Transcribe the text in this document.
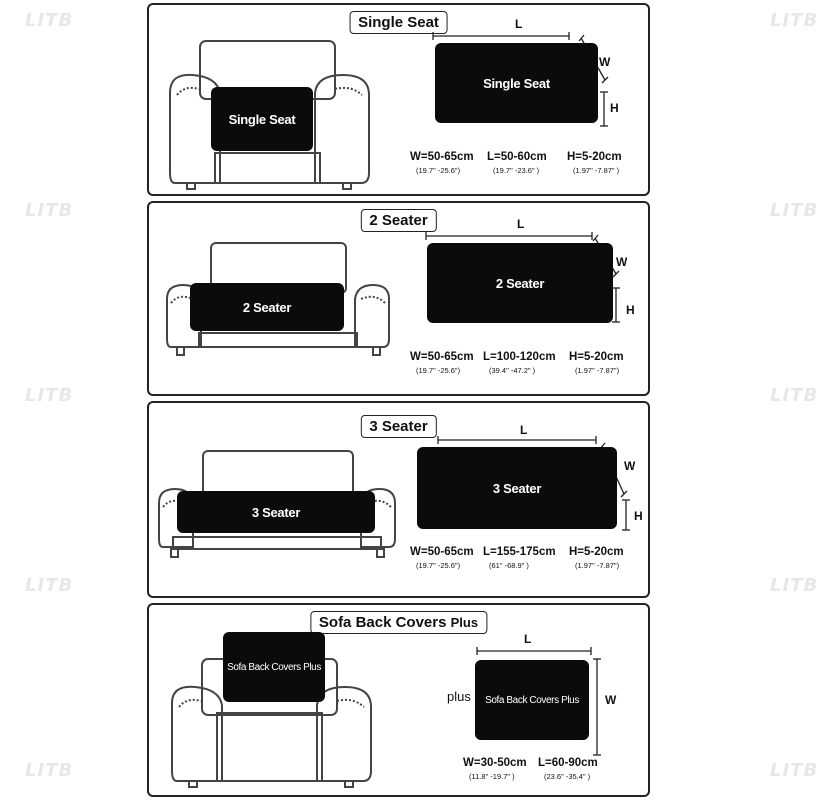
LITB	LITB
LITB	LITB
LITB	LITB
LITB	LITB
LITB	LITB
Single Seat
Single Seat
L
W
H
Single Seat
W=50-65cm
(19.7" -25.6")
L=50-60cm
(19.7" -23.6" )
H=5-20cm
(1.97" -7.87" )
2 Seater
2 Seater
L
W
H
2 Seater
W=50-65cm
(19.7" -25.6")
L=100-120cm
(39.4" -47.2" )
H=5-20cm
(1.97" -7.87")
3 Seater
3 Seater
L
W
H
3 Seater
W=50-65cm
(19.7" -25.6")
L=155-175cm
(61" -68.9" )
H=5-20cm
(1.97" -7.87")
Sofa Back Covers Plus
Sofa Back Covers Plus
L
W
plus	Sofa Back Covers Plus
W=30-50cm
(11.8" -19.7" )
L=60-90cm
(23.6" -35.4" )
